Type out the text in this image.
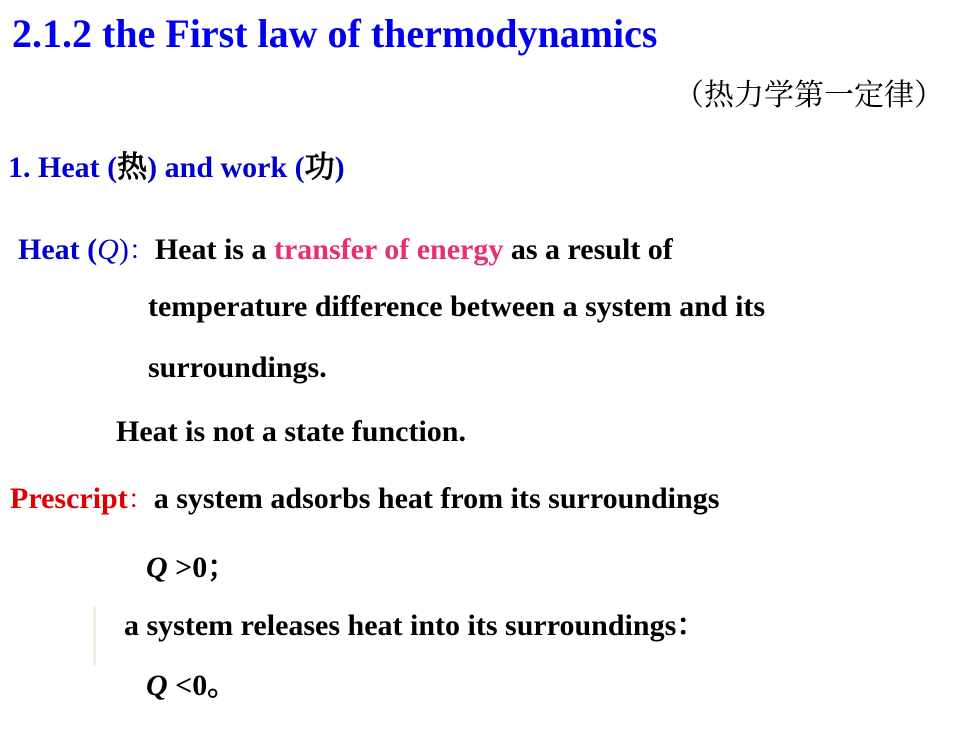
2.1.2 the First law of thermodynamics
（热力学第一定律）
1. Heat (热) and work (功)
Heat (Q)：Heat is a transfer of energy as a result of
temperature difference between a system and its
surroundings.
Heat is not a state function.
Prescript：a system adsorbs heat from its surroundings
Q >0；
a system releases heat into its surroundings：
Q <0。
